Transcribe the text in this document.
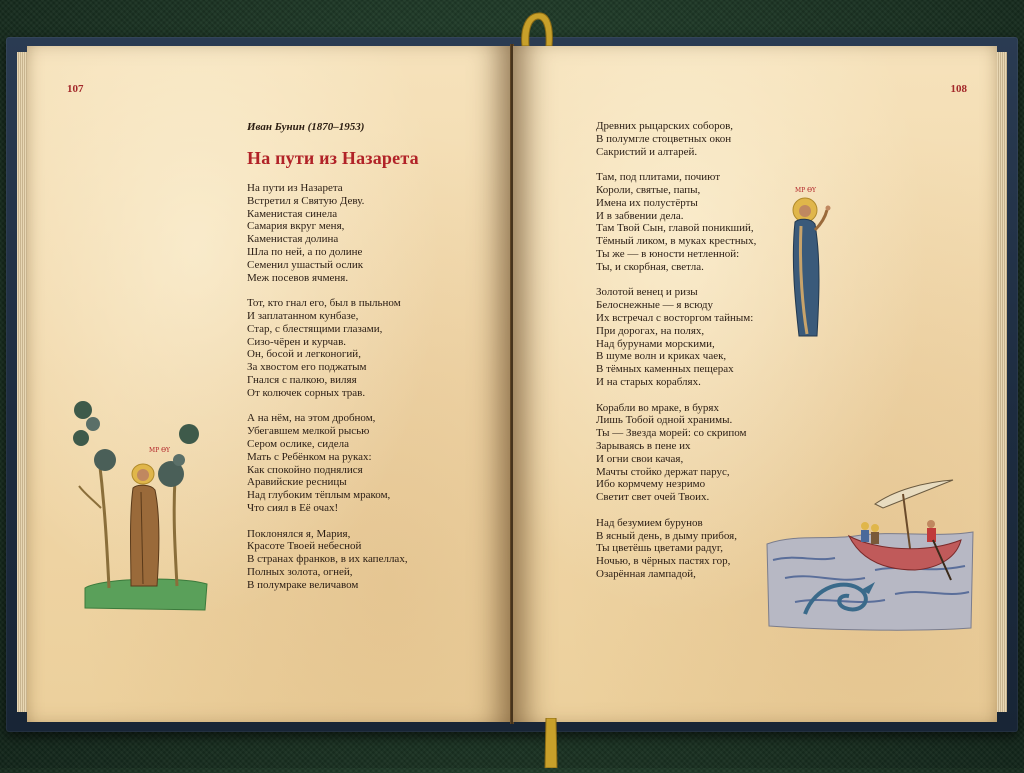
107
Иван Бунин (1870–1953)
На пути из Назарета
На пути из Назарета
Встретил я Святую Деву.
Каменистая синела
Самария вкруг меня,
Каменистая долина
Шла по ней, а по долине
Семенил ушастый ослик
Меж посевов ячменя.
Тот, кто гнал его, был в пыльном
И заплатанном кунбазе,
Стар, с блестящими глазами,
Сизо-чёрен и курчав.
Он, босой и легконогий,
За хвостом его поджатым
Гнался с палкою, виляя
От колючек сорных трав.
А на нём, на этом дробном,
Убегавшем мелкой рысью
Сером ослике, сидела
Мать с Ребёнком на руках:
Как спокойно поднялися
Аравийские ресницы
Над глубоким тёплым мраком,
Что сиял в Её очах!
Поклонялся я, Мария,
Красоте Твоей небесной
В странах франков, в их капеллах,
Полных золота, огней,
В полумраке величавом
ΜΡ ΘΥ
108
Древних рыцарских соборов,
В полумгле стоцветных окон
Сакристий и алтарей.
Там, под плитами, почиют
Короли, святые, папы,
Имена их полустёрты
И в забвении дела.
Там Твой Сын, главой поникший,
Тёмный ликом, в муках крестных,
Ты же — в юности нетленной:
Ты, и скорбная, светла.
Золотой венец и ризы
Белоснежные — я всюду
Их встречал с восторгом тайным:
При дорогах, на полях,
Над бурунами морскими,
В шуме волн и криках чаек,
В тёмных каменных пещерах
И на старых кораблях.
Корабли во мраке, в бурях
Лишь Тобой одной хранимы.
Ты — Звезда морей: со скрипом
Зарываясь в пене их
И огни свои качая,
Мачты стойко держат парус,
Ибо кормчему незримо
Светит свет очей Твоих.
Над безумием бурунов
В ясный день, в дыму прибоя,
Ты цветёшь цветами радуг,
Ночью, в чёрных пастях гор,
Озарённая лампадой,
ΜΡ ΘΥ
